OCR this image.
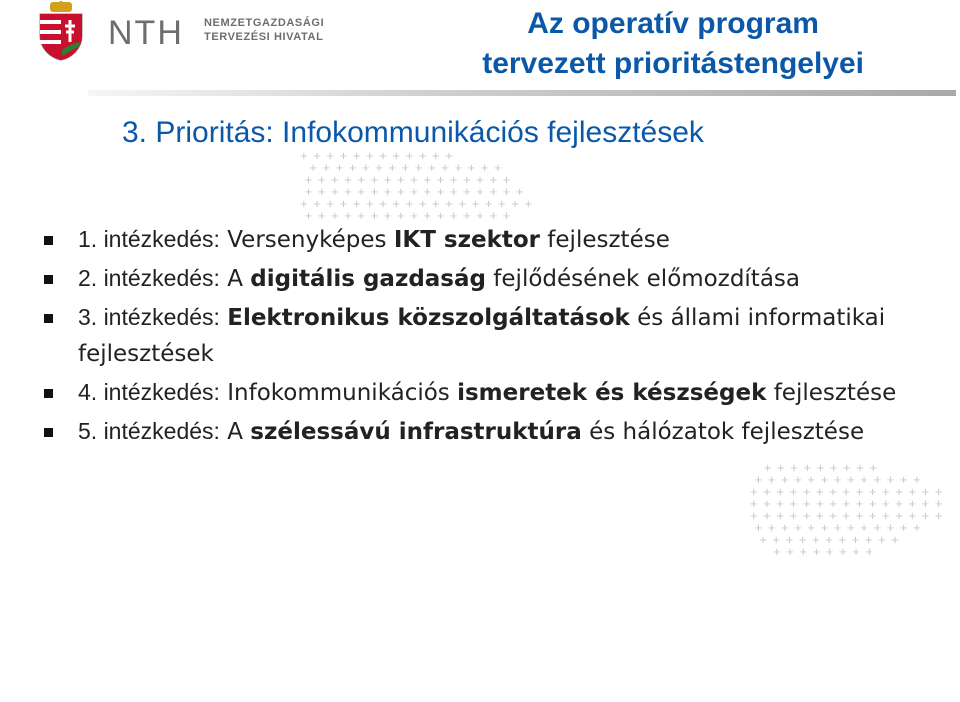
NTH NEMZETGAZDASÁGI
TERVEZÉSI HIVATAL	Az operatív program
tervezett prioritástengelyei
+ + + + + + + + + + + +
+ + + + + + + + + + + + + + +
+ + + + + + + + + + + + + + + +
+ + + + + + + + + + + + + + + + +
+ + + + + + + + + + + + + + + + + +
+ + + + + + + + + + + + + + + +
+ + + + + + + + +
+ + + + + + + + + + + + +
+ + + + + + + + + + + + + + +
+ + + + + + + + + + + + + + +
+ + + + + + + + + + + + + + +
+ + + + + + + + + + + + +
+ + + + + + + + + + +
+ + + + + + + +
3. Prioritás: Infokommunikációs fejlesztések
1. intézkedés: Versenyképes IKT szektor fejlesztése
2. intézkedés: A digitális gazdaság fejlődésének előmozdítása
3. intézkedés: Elektronikus közszolgáltatások és állami informatikai fejlesztések
4. intézkedés: Infokommunikációs ismeretek és készségek fejlesztése
5. intézkedés: A szélessávú infrastruktúra és hálózatok fejlesztése
